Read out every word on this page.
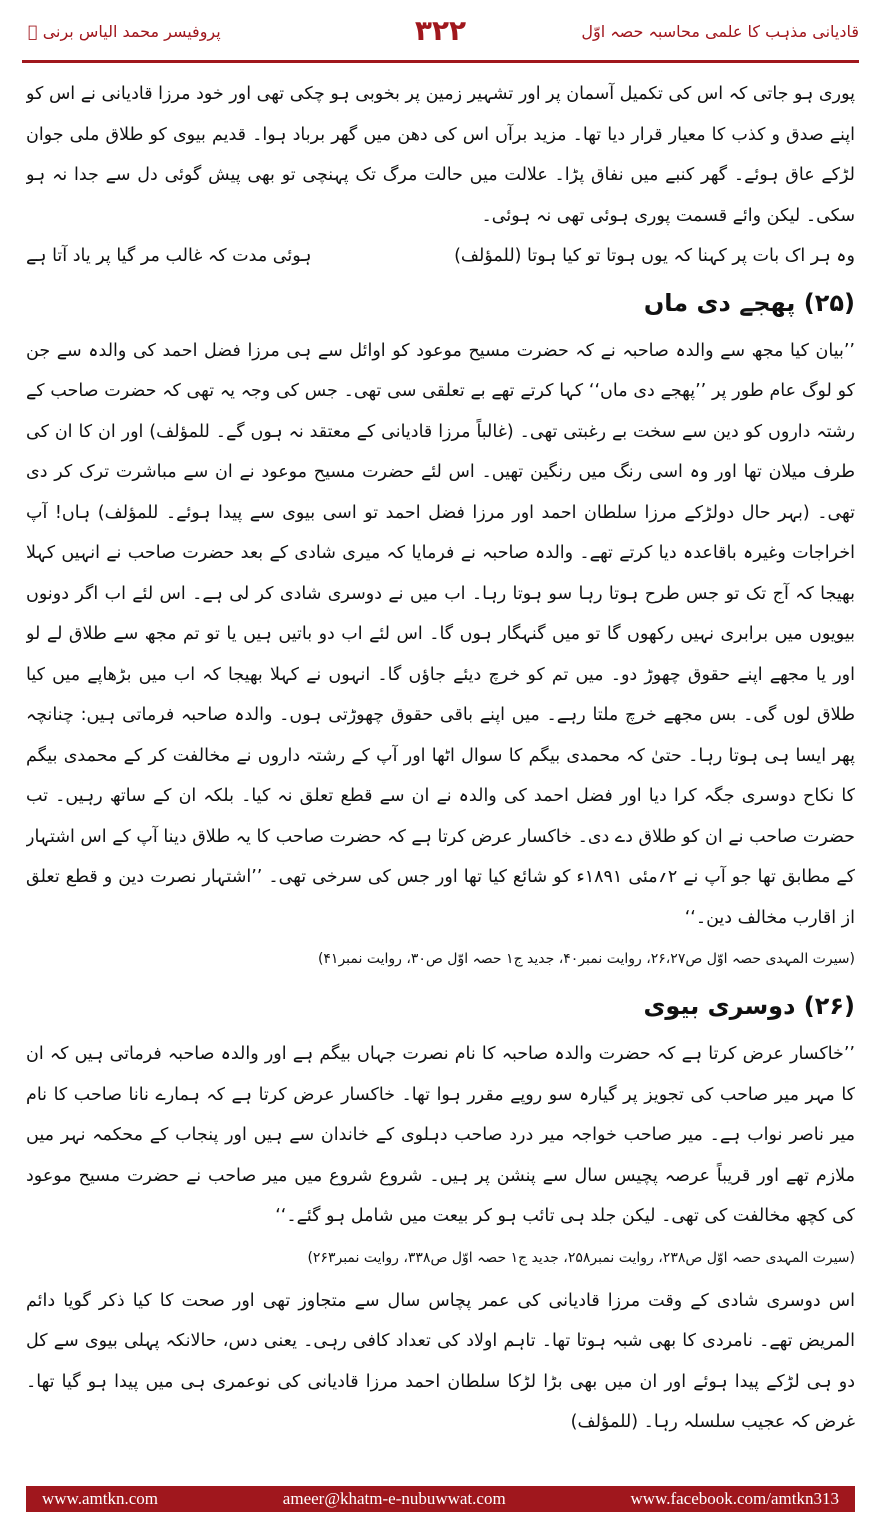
پروفیسر محمد الیاس برنی ﷫	۳۲۲	قادیانی مذہب کا علمی محاسبہ حصہ اوّل

پوری ہو جاتی کہ اس کی تکمیل آسمان پر اور تشہیر زمین پر بخوبی ہو چکی تھی اور خود مرزا قادیانی نے اس کو اپنے صدق و کذب کا معیار قرار دیا تھا۔ مزید برآں اس کی دھن میں گھر برباد ہوا۔ قدیم بیوی کو طلاق ملی جوان لڑکے عاق ہوئے۔ گھر کنبے میں نفاق پڑا۔ علالت میں حالت مرگ تک پہنچی تو بھی پیش گوئی دل سے جدا نہ ہو سکی۔ لیکن وائے قسمت پوری ہوئی تھی نہ ہوئی۔

وہ ہر اک بات پر کہنا کہ یوں ہوتا تو کیا ہوتا (للمؤلف)
ہوئی مدت کہ غالب مر گیا پر یاد آتا ہے
(۲۵) پھجے دی ماں

’’بیان کیا مجھ سے والدہ صاحبہ نے کہ حضرت مسیح موعود کو اوائل سے ہی مرزا فضل احمد کی والدہ سے جن کو لوگ عام طور پر ’’پھجے دی ماں‘‘ کہا کرتے تھے بے تعلقی سی تھی۔ جس کی وجہ یہ تھی کہ حضرت صاحب کے رشتہ داروں کو دین سے سخت بے رغبتی تھی۔ (غالباً مرزا قادیانی کے معتقد نہ ہوں گے۔ للمؤلف) اور ان کا ان کی طرف میلان تھا اور وہ اسی رنگ میں رنگین تھیں۔ اس لئے حضرت مسیح موعود نے ان سے مباشرت ترک کر دی تھی۔ (بہر حال دولڑکے مرزا سلطان احمد اور مرزا فضل احمد تو اسی بیوی سے پیدا ہوئے۔ للمؤلف) ہاں! آپ اخراجات وغیرہ باقاعدہ دیا کرتے تھے۔ والدہ صاحبہ نے فرمایا کہ میری شادی کے بعد حضرت صاحب نے انہیں کہلا بھیجا کہ آج تک تو جس طرح ہوتا رہا سو ہوتا رہا۔ اب میں نے دوسری شادی کر لی ہے۔ اس لئے اب اگر دونوں بیویوں میں برابری نہیں رکھوں گا تو میں گنہگار ہوں گا۔ اس لئے اب دو باتیں ہیں یا تو تم مجھ سے طلاق لے لو اور یا مجھے اپنے حقوق چھوڑ دو۔ میں تم کو خرچ دیئے جاؤں گا۔ انہوں نے کہلا بھیجا کہ اب میں بڑھاپے میں کیا طلاق لوں گی۔ بس مجھے خرچ ملتا رہے۔ میں اپنے باقی حقوق چھوڑتی ہوں۔ والدہ صاحبہ فرماتی ہیں: چنانچہ پھر ایسا ہی ہوتا رہا۔ حتیٰ کہ محمدی بیگم کا سوال اٹھا اور آپ کے رشتہ داروں نے مخالفت کر کے محمدی بیگم کا نکاح دوسری جگہ کرا دیا اور فضل احمد کی والدہ نے ان سے قطع تعلق نہ کیا۔ بلکہ ان کے ساتھ رہیں۔ تب حضرت صاحب نے ان کو طلاق دے دی۔ خاکسار عرض کرتا ہے کہ حضرت صاحب کا یہ طلاق دینا آپ کے اس اشتہار کے مطابق تھا جو آپ نے ۲؍مئی ۱۸۹۱ء کو شائع کیا تھا اور جس کی سرخی تھی۔ ’’اشتہار نصرت دین و قطع تعلق از اقارب مخالف دین۔‘‘

(سیرت المہدی حصہ اوّل ص۲۶،۲۷، روایت نمبر۴۰، جدید ج۱ حصہ اوّل ص۳۰، روایت نمبر۴۱)
(۲۶) دوسری بیوی

’’خاکسار عرض کرتا ہے کہ حضرت والدہ صاحبہ کا نام نصرت جہاں بیگم ہے اور والدہ صاحبہ فرماتی ہیں کہ ان کا مہر میر صاحب کی تجویز پر گیارہ سو روپے مقرر ہوا تھا۔ خاکسار عرض کرتا ہے کہ ہمارے نانا صاحب کا نام میر ناصر نواب ہے۔ میر صاحب خواجہ میر درد صاحب دہلوی کے خاندان سے ہیں اور پنجاب کے محکمہ نہر میں ملازم تھے اور قریباً عرصہ پچیس سال سے پنشن پر ہیں۔ شروع شروع میں میر صاحب نے حضرت مسیح موعود کی کچھ مخالفت کی تھی۔ لیکن جلد ہی تائب ہو کر بیعت میں شامل ہو گئے۔‘‘

(سیرت المہدی حصہ اوّل ص۲۳۸، روایت نمبر۲۵۸، جدید ج۱ حصہ اوّل ص۳۳۸، روایت نمبر۲۶۳)

اس دوسری شادی کے وقت مرزا قادیانی کی عمر پچاس سال سے متجاوز تھی اور صحت کا کیا ذکر گویا دائم المریض تھے۔ نامردی کا بھی شبہ ہوتا تھا۔ تاہم اولاد کی تعداد کافی رہی۔ یعنی دس، حالانکہ پہلی بیوی سے کل دو ہی لڑکے پیدا ہوئے اور ان میں بھی بڑا لڑکا سلطان احمد مرزا قادیانی کی نوعمری ہی میں پیدا ہو گیا تھا۔ غرض کہ عجیب سلسلہ رہا۔ (للمؤلف)

www.amtkn.com	ameer@khatm-e-nubuwwat.com	www.facebook.com/amtkn313
